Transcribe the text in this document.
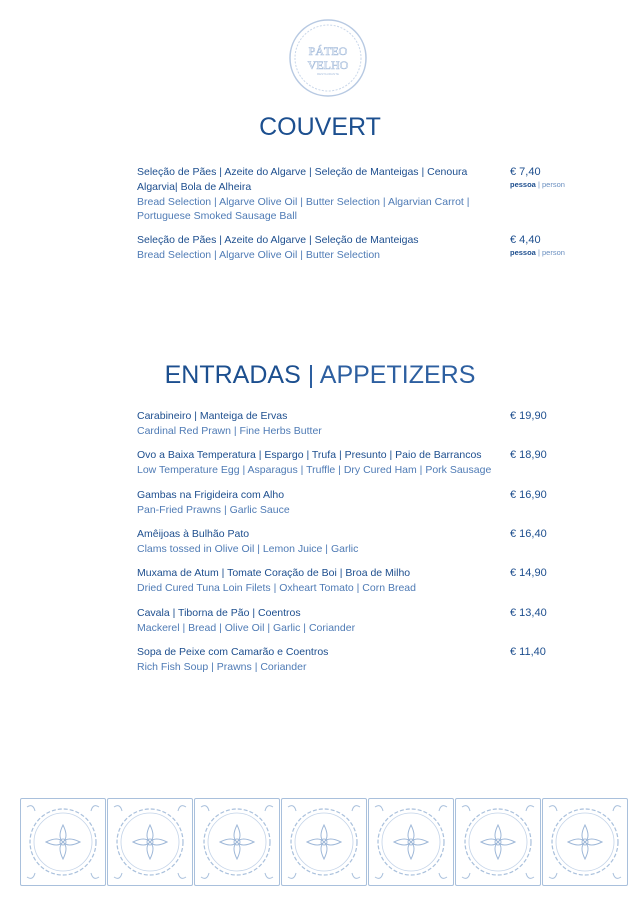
PÁTEO
VELHO
RESTAURANTE
COUVERT
Seleção de Pães | Azeite do Algarve | Seleção de Manteigas | Cenoura Algarvia| Bola de Alheira
Bread Selection | Algarve Olive Oil | Butter Selection | Algarvian Carrot | Portuguese Smoked Sausage Ball
€ 7,40
pessoa | person
Seleção de Pães | Azeite do Algarve | Seleção de Manteigas
Bread Selection | Algarve Olive Oil | Butter Selection
€ 4,40
pessoa | person
ENTRADAS | APPETIZERS
Carabineiro | Manteiga de Ervas
Cardinal Red Prawn | Fine Herbs Butter
€ 19,90
Ovo a Baixa Temperatura | Espargo | Trufa | Presunto | Paio de Barrancos
Low Temperature Egg | Asparagus | Truffle | Dry Cured Ham | Pork Sausage
€ 18,90
Gambas na Frigideira com Alho
Pan-Fried Prawns | Garlic Sauce
€ 16,90
Amêijoas à Bulhão Pato
Clams tossed in Olive Oil | Lemon Juice | Garlic
€ 16,40
Muxama de Atum | Tomate Coração de Boi | Broa de Milho
Dried Cured Tuna Loin Filets | Oxheart Tomato | Corn Bread
€ 14,90
Cavala | Tiborna de Pão | Coentros
Mackerel | Bread | Olive Oil | Garlic | Coriander
€ 13,40
Sopa de Peixe com Camarão e Coentros
Rich Fish Soup | Prawns | Coriander
€ 11,40
